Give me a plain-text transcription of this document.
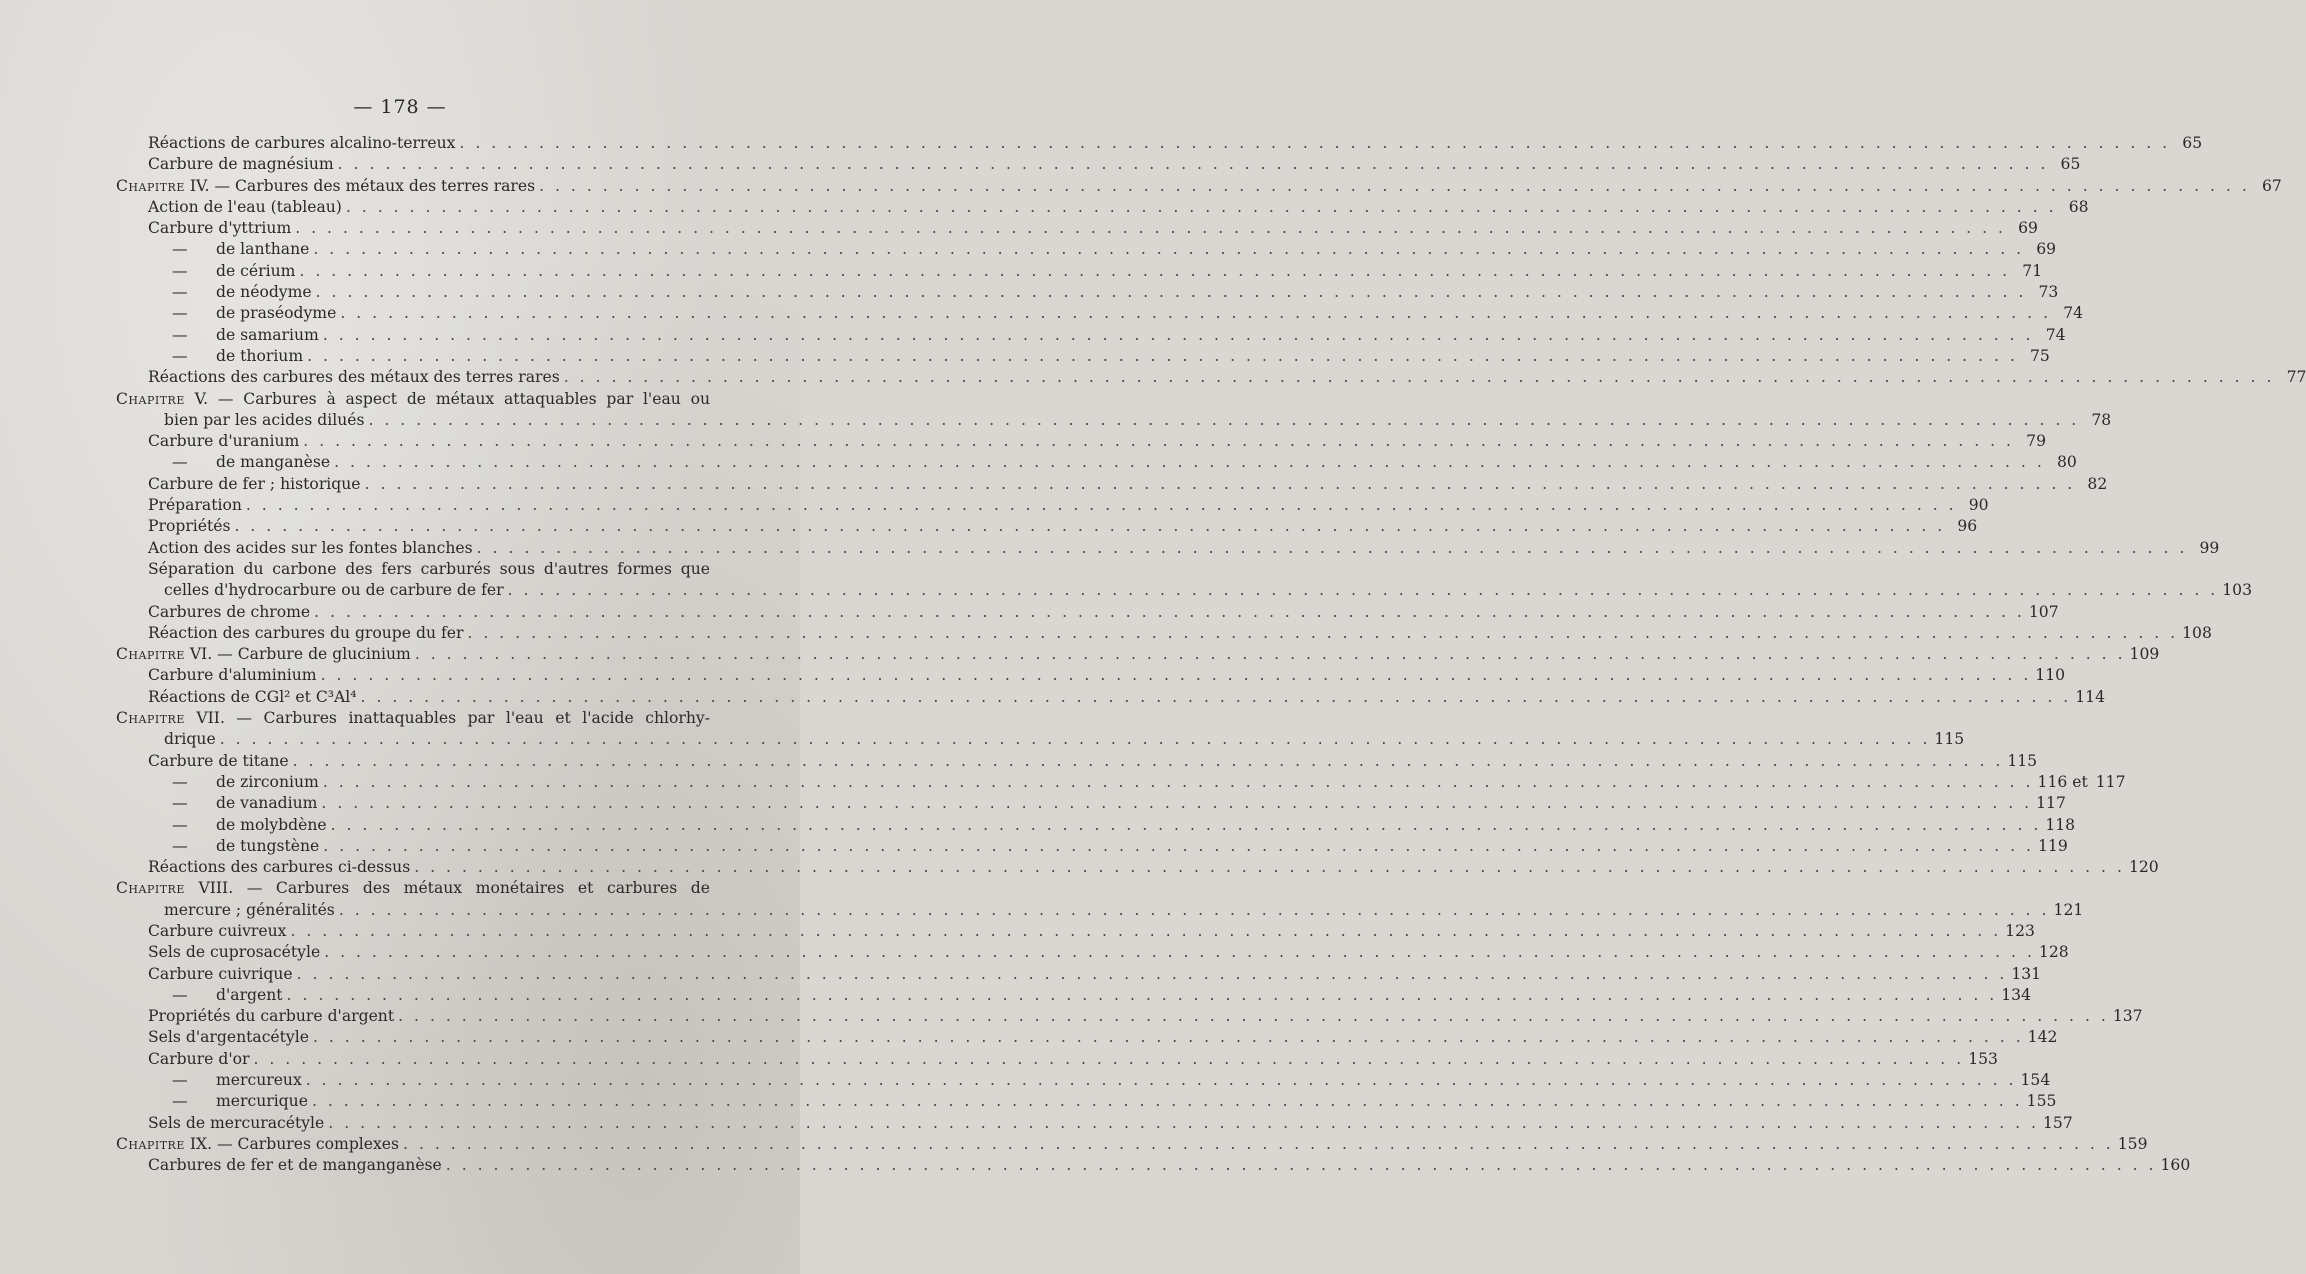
— 178 —
Réactions de carbures alcalino-terreux . . .	65
Carbure de magnésium . . .	65
Chapitre IV. — Carbures des métaux des terres rares . . .	67
Action de l'eau (tableau) . . .	68
Carbure d'yttrium . . .	69
— de lanthane . . .	69
— de cérium . . .	71
— de néodyme . . .	73
— de praséodyme . . .	74
— de samarium . . .	74
— de thorium . . .	75
Réactions des carbures des métaux des terres rares . . .	77
Chapitre V. — Carbures à aspect de métaux attaquables par l'eau ou
bien par les acides dilués . . .	78
Carbure d'uranium . . .	79
— de manganèse . . .	80
Carbure de fer ; historique . . .	82
Préparation . . .	90
Propriétés . . .	96
Action des acides sur les fontes blanches . . .	99
Séparation du carbone des fers carburés sous d'autres formes que
celles d'hydrocarbure ou de carbure de fer . . .	103
Carbures de chrome . . .	107
Réaction des carbures du groupe du fer . . .	108
Chapitre VI. — Carbure de glucinium . . .	109
Carbure d'aluminium . . .	110
Réactions de CGl² et C³Al⁴ . . .	114
Chapitre VII. — Carbures inattaquables par l'eau et l'acide chlorhy-
drique . . .	115
Carbure de titane . . .	115
— de zirconium . . .	116 et 117
— de vanadium . . .	117
— de molybdène . . .	118
— de tungstène . . .	119
Réactions des carbures ci-dessus . . .	120
Chapitre VIII. — Carbures des métaux monétaires et carbures de
mercure ; généralités . . .	121
Carbure cuivreux . . .	123
Sels de cuprosacétyle . . .	128
Carbure cuivrique . . .	131
— d'argent . . .	134
Propriétés du carbure d'argent . . .	137
Sels d'argentacétyle . . .	142
Carbure d'or . . .	153
— mercureux . . .	154
— mercurique . . .	155
Sels de mercuracétyle . . .	157
Chapitre IX. — Carbures complexes . . .	159
Carbures de fer et de manganganèse . . .	160
